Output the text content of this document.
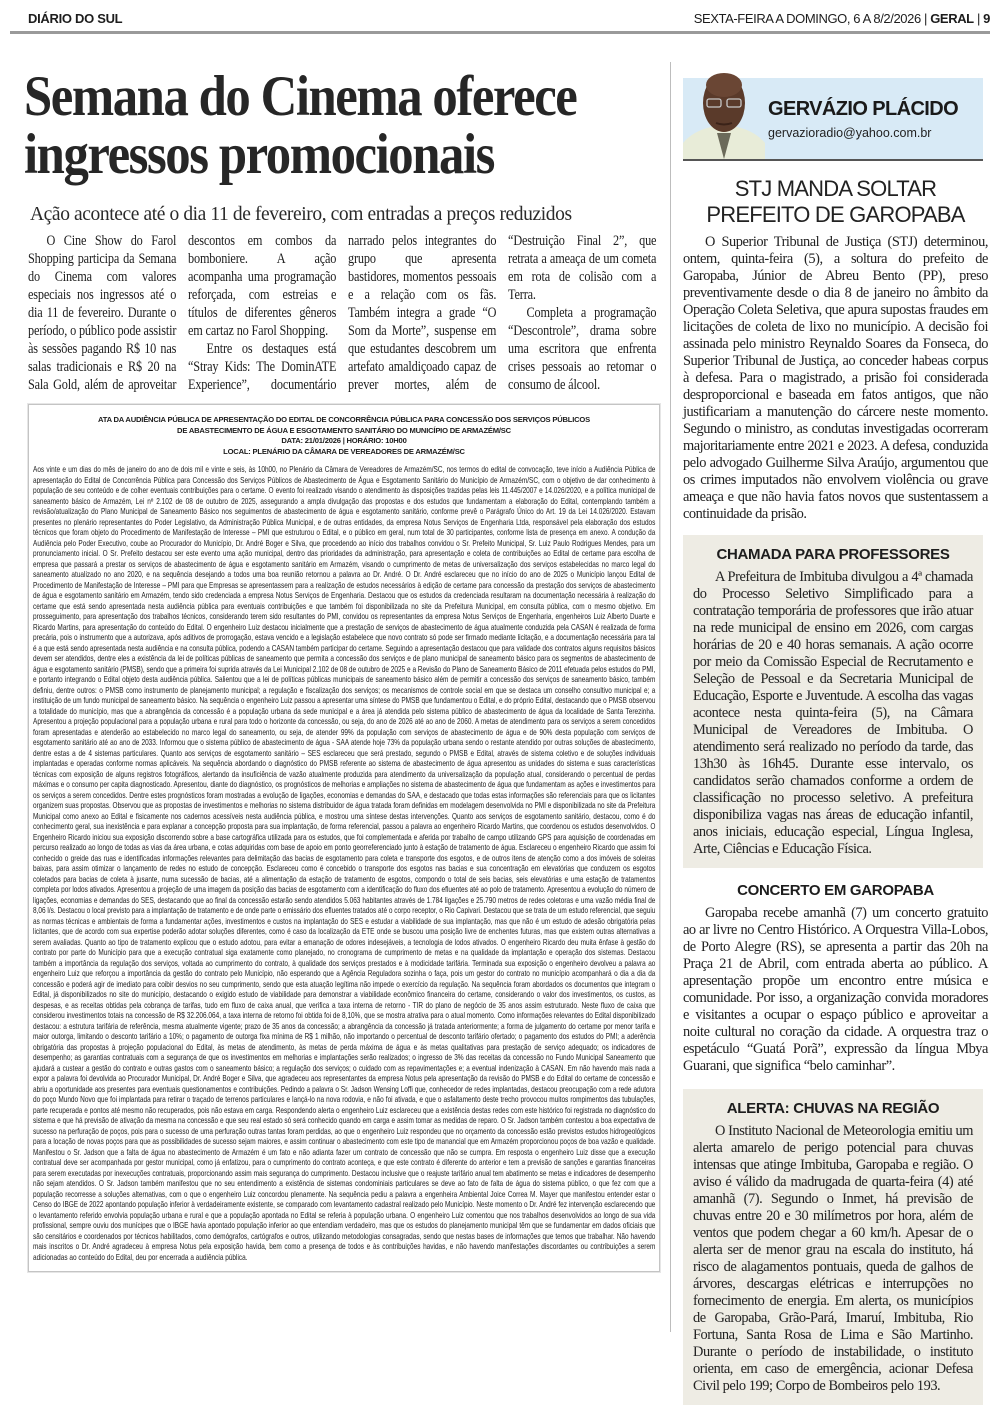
DIÁRIO DO SUL	SEXTA-FEIRA A DOMINGO, 6 A 8/2/2026 | GERAL | 9
Semana do Cinema oferece ingressos promocionais

Ação acontece até o dia 11 de fevereiro, com entradas a preços reduzidos

O Cine Show do Farol Shopping participa da Semana do Cinema com valores especiais nos ingressos até o dia 11 de fevereiro. Durante o período, o público pode assistir às sessões pagando R$ 10 nas salas tradicionais e R$ 20 na Sala Gold, além de aproveitar descontos em combos da bomboniere. A ação acompanha uma programação reforçada, com estreias e títulos de diferentes gêneros em cartaz no Farol Shopping.

Entre os destaques está “Stray Kids: The DominATE Experience”, documentário narrado pelos integrantes do grupo que apresenta bastidores, momentos pessoais e a relação com os fãs. Também integra a grade “O Som da Morte”, suspense em que estudantes descobrem um artefato amaldiçoado capaz de prever mortes, além de “Destruição Final 2”, que retrata a ameaça de um cometa em rota de colisão com a Terra.

Completa a programação “Descontrole”, drama sobre uma escritora que enfrenta crises pessoais ao retomar o consumo de álcool.

ATA DA AUDIÊNCIA PÚBLICA DE APRESENTAÇÃO DO EDITAL DE CONCORRÊNCIA PÚBLICA PARA CONCESSÃO DOS SERVIÇOS PÚBLICOS
DE ABASTECIMENTO DE ÁGUA E ESGOTAMENTO SANITÁRIO DO MUNICÍPIO DE ARMAZÉM/SC
DATA: 21/01/2026 | HORÁRIO: 10H00
LOCAL: PLENÁRIO DA CÂMARA DE VEREADORES DE ARMAZÉM/SC
Aos vinte e um dias do mês de janeiro do ano de dois mil e vinte e seis, às 10h00, no Plenário da Câmara de Vereadores de Armazém/SC, nos termos do edital de convocação, teve início a Audiência Pública de apresentação do Edital de Concorrência Pública para Concessão dos Serviços Públicos de Abastecimento de Água e Esgotamento Sanitário do Município de Armazém/SC, com o objetivo de dar conhecimento à população de seu conteúdo e de colher eventuais contribuições para o certame. O evento foi realizado visando o atendimento às disposições trazidas pelas leis 11.445/2007 e 14.026/2020, e a política municipal de saneamento básico de Armazém, Lei nº 2.102 de 08 de outubro de 2025, assegurando a ampla divulgação das propostas e dos estudos que fundamentam a elaboração do Edital, contemplando também a revisão/atualização do Plano Municipal de Saneamento Básico nos seguimentos de abastecimento de água e esgotamento sanitário, conforme prevê o Parágrafo Único do Art. 19 da Lei 14.026/2020. Estavam presentes no plenário representantes do Poder Legislativo, da Administração Pública Municipal, e de outras entidades, da empresa Notus Serviços de Engenharia Ltda, responsável pela elaboração dos estudos técnicos que foram objeto do Procedimento de Manifestação de Interesse – PMI que estruturou o Edital, e o público em geral, num total de 30 participantes, conforme lista de presença em anexo. A condução da Audiência pelo Poder Executivo, coube ao Procurador do Município, Dr. André Boger e Silva, que procedendo ao início dos trabalhos convidou o Sr. Prefeito Municipal, Sr. Luiz Paulo Rodrigues Mendes, para um pronunciamento inicial. O Sr. Prefeito destacou ser este evento uma ação municipal, dentro das prioridades da administração, para apresentação e coleta de contribuições ao Edital de certame para escolha de empresa que passará a prestar os serviços de abastecimento de água e esgotamento sanitário em Armazém, visando o cumprimento de metas de universalização dos serviços estabelecidas no marco legal do saneamento atualizado no ano 2020, e na sequência desejando a todos uma boa reunião retornou a palavra ao Dr. André. O Dr. André esclareceu que no início do ano de 2025 o Município lançou Edital de Procedimento de Manifestação de Interesse – PMI para que Empresas se apresentassem para a realização de estudos necessários à edição de certame para concessão da prestação dos serviços de abastecimento de água e esgotamento sanitário em Armazém, tendo sido credenciada a empresa Notus Serviços de Engenharia. Destacou que os estudos da credenciada resultaram na documentação necessária à realização do certame que está sendo apresentada nesta audiência pública para eventuais contribuições e que também foi disponibilizada no site da Prefeitura Municipal, em consulta pública, com o mesmo objetivo. Em prosseguimento, para apresentação dos trabalhos técnicos, considerando terem sido resultantes do PMI, convidou os representantes da empresa Notus Serviços de Engenharia, engenheiros Luiz Alberto Duarte e Ricardo Martins, para apresentação do conteúdo do Edital. O engenheiro Luiz destacou inicialmente que a prestação de serviços de abastecimento de água atualmente conduzida pela CASAN é realizada de forma precária, pois o instrumento que a autorizava, após aditivos de prorrogação, estava vencido e a legislação estabelece que novo contrato só pode ser firmado mediante licitação, e a documentação necessária para tal é a que está sendo apresentada nesta audiência e na consulta pública, podendo a CASAN também participar do certame. Seguindo a apresentação destacou que para validade dos contratos alguns requisitos básicos devem ser atendidos, dentre eles a existência da lei de políticas públicas de saneamento que permita a concessão dos serviços e de plano municipal de saneamento básico para os segmentos de abastecimento de água e esgotamento sanitário (PMSB), sendo que a primeira foi suprida através da Lei Municipal 2.102 de 08 de outubro de 2025 e a Revisão do Plano de Saneamento Básico de 2011 efetuada pelos estudos do PMI, e portanto integrando o Edital objeto desta audiência pública. Salientou que a lei de políticas públicas municipais de saneamento básico além de permitir a concessão dos serviços de saneamento básico, também definiu, dentre outros: o PMSB como instrumento de planejamento municipal; a regulação e fiscalização dos serviços; os mecanismos de controle social em que se destaca um conselho consultivo municipal e; a instituição de um fundo municipal de saneamento básico. Na sequência o engenheiro Luiz passou a apresentar uma síntese do PMSB que fundamentou o Edital, e do próprio Edital, destacando que o PMSB observou a totalidade do município, mas que a abrangência da concessão é a população urbana da sede municipal e a área já atendida pelo sistema público de abastecimento de água da localidade de Santa Terezinha. Apresentou a projeção populacional para a população urbana e rural para todo o horizonte da concessão, ou seja, do ano de 2026 até ao ano de 2060. A metas de atendimento para os serviços a serem concedidos foram apresentadas e atenderão ao estabelecido no marco legal do saneamento, ou seja, de atender 99% da população com serviços de abastecimento de água e de 90% desta população com serviços de esgotamento sanitário até ao ano de 2033. Informou que o sistema público de abastecimento de água - SAA atende hoje 73% da população urbana sendo o restante atendido por outras soluções de abastecimento, dentre estas a de 4 sistemas particulares. Quanto aos serviços de esgotamento sanitário – SES esclareceu que será prestado, segundo o PMSB e Edital, através de sistema coletivo e de soluções individuais implantadas e operadas conforme normas aplicáveis. Na sequência abordando o diagnóstico do PMSB referente ao sistema de abastecimento de água apresentou as unidades do sistema e suas características técnicas com exposição de alguns registros fotográficos, alertando da insuficiência de vazão atualmente produzida para atendimento da universalização da população atual, considerando o percentual de perdas máximas e o consumo per capita diagnosticado. Apresentou, diante do diagnóstico, os prognósticos de melhorias e ampliações no sistema de abastecimento de água que fundamentam as ações e investimentos para os serviços a serem concedidos. Dentre estes prognósticos foram mostradas a evolução de ligações, economias e demandas do SAA, e destacado que todas estas informações são referenciais para que os licitantes organizem suas propostas. Observou que as propostas de investimentos e melhorias no sistema distribuidor de água tratada foram definidas em modelagem desenvolvida no PMI e disponibilizada no site da Prefeitura Municipal como anexo ao Edital e fisicamente nos cadernos acessíveis nesta audiência pública, e mostrou uma síntese destas intervenções. Quanto aos serviços de esgotamento sanitário, destacou, como é do conhecimento geral, sua inexistência e para explanar a concepção proposta para sua implantação, de forma referencial, passou a palavra ao engenheiro Ricardo Martins, que coordenou os estudos desenvolvidos. O Engenheiro Ricardo iniciou sua exposição discorrendo sobre a base cartográfica utilizada para os estudos, que foi complementada e aferida por trabalho de campo utilizando GPS para aquisição de coordenadas em percurso realizado ao longo de todas as vias da área urbana, e cotas adquiridas com base de apoio em ponto georreferenciado junto à estação de tratamento de água. Esclareceu o engenheiro Ricardo que assim foi conhecido o greide das ruas e identificadas informações relevantes para delimitação das bacias de esgotamento para coleta e transporte dos esgotos, e de outros itens de atenção como a dos imóveis de soleiras baixas, para assim otimizar o lançamento de redes no estudo de concepção. Esclareceu como é concebido o transporte dos esgotos nas bacias e sua concentração em elevatórias que conduzem os esgotos coletados para bacias de coleta à jusante, numa sucessão de bacias, até a alimentação da estação de tratamento de esgotos, compondo o total de seis bacias, seis elevatórias e uma estação de tratamentos completa por lodos ativados. Apresentou a projeção de uma imagem da posição das bacias de esgotamento com a identificação do fluxo dos efluentes até ao polo de tratamento. Apresentou a evolução do número de ligações, economias e demandas do SES, destacando que ao final da concessão estarão sendo atendidos 5.063 habitantes através de 1.784 ligações e 25.790 metros de redes coletoras e uma vazão média final de 8,06 l/s. Destacou o local previsto para a implantação de tratamento e de onde parte o emissário dos efluentes tratados até o corpo receptor, o Rio Capivari. Destacou que se trata de um estudo referencial, que seguiu as normas técnicas e ambientais de forma a fundamentar ações, investimentos e custos na implantação do SES e estudar a viabilidade de sua implantação, mas que não é um estudo de adesão obrigatória pelas licitantes, que de acordo com sua expertise poderão adotar soluções diferentes, como é caso da localização da ETE onde se buscou uma posição livre de enchentes futuras, mas que existem outras alternativas a serem avaliadas. Quanto ao tipo de tratamento explicou que o estudo adotou, para evitar a emanação de odores indesejáveis, a tecnologia de lodos ativados. O engenheiro Ricardo deu muita ênfase à gestão do contrato por parte do Município para que a execução contratual siga exatamente como planejado, no cronograma de cumprimento de metas e na qualidade da implantação e operação dos sistemas. Destacou também a importância da regulação dos serviços, voltada ao cumprimento do contrato, à qualidade dos serviços prestados e à modicidade tarifária. Terminada sua exposição o engenheiro devolveu a palavra ao engenheiro Luiz que reforçou a importância da gestão do contrato pelo Município, não esperando que a Agência Reguladora sozinha o faça, pois um gestor do contrato no município acompanhará o dia a dia da concessão e poderá agir de imediato para coibir desvios no seu cumprimento, sendo que esta atuação legítima não impede o exercício da regulação. Na sequência foram abordados os documentos que integram o Edital, já disponibilizados no site do município, destacando o exigido estudo de viabilidade para demonstrar a viabilidade econômico financeira do certame, considerando o valor dos investimentos, os custos, as despesas, e as receitas obtidas pela cobrança de tarifas, tudo em fluxo de caixa anual, que verifica a taxa interna de retorno - TIR do plano de negócio de 35 anos assim estruturado. Neste fluxo de caixa que considerou investimentos totais na concessão de R$ 32.206.064, a taxa interna de retorno foi obtida foi de 8,10%, que se mostra atrativa para o atual momento. Como informações relevantes do Edital disponibilizado destacou: a estrutura tarifária de referência, mesma atualmente vigente; prazo de 35 anos da concessão; a abrangência da concessão já tratada anteriormente; a forma de julgamento do certame por menor tarifa e maior outorga, limitando o desconto tarifário a 10%; o pagamento de outorga fixa mínima de R$ 1 milhão, não importando o percentual de desconto tarifário ofertado; o pagamento dos estudos do PMI; a aderência obrigatória das propostas à projeção populacional do Edital, às metas de atendimento, às metas de perda máxima de água e às metas qualitativas para prestação de serviço adequado; os indicadores de desempenho; as garantias contratuais com a segurança de que os investimentos em melhorias e implantações serão realizados; o ingresso de 3% das receitas da concessão no Fundo Municipal Saneamento que ajudará a custear a gestão do contrato e outras gastos com o saneamento básico; a regulação dos serviços; o cuidado com as repavimentações e; a eventual indenização à CASAN. Em não havendo mais nada a expor a palavra foi devolvida ao Procurador Municipal, Dr. André Boger e Silva, que agradeceu aos representantes da empresa Notus pela apresentação da revisão do PMSB e do Edital do certame de concessão e abriu a oportunidade aos presentes para eventuais questionamentos e contribuições. Pedindo a palavra o Sr. Jadson Wensing Loffi que, conhecedor de redes implantadas, destacou preocupação com a rede adutora do poço Mundo Novo que foi implantada para retirar o traçado de terrenos particulares e lançá-lo na nova rodovia, e não foi ativada, e que o asfaltamento deste trecho provocou muitos rompimentos das tubulações, parte recuperada e pontos até mesmo não recuperados, pois não estava em carga. Respondendo alerta o engenheiro Luiz esclareceu que a existência destas redes com este histórico foi registrada no diagnóstico do sistema e que há previsão de ativação da mesma na concessão e que seu real estado só será conhecido quando em carga e assim tomar as medidas de reparo. O Sr. Jadson também contestou a boa expectativa de sucesso na perfuração de poços, pois para o sucesso de uma perfuração outras tantas foram perdidas, ao que o engenheiro Luiz respondeu que no orçamento da concessão estão previstos estudos hidrogeológicos para a locação de novas poços para que as possibilidades de sucesso sejam maiores, e assim continuar o abastecimento com este tipo de manancial que em Armazém proporcionou poços de boa vazão e qualidade. Manifestou o Sr. Jadson que a falta de água no abastecimento de Armazém é um fato e não adianta fazer um contrato de concessão que não se cumpra. Em resposta o engenheiro Luiz disse que a execução contratual deve ser acompanhada por gestor municipal, como já enfatizou, para o cumprimento do contrato aconteça, e que este contrato é diferente do anterior e tem a previsão de sanções e garantias financeiras para serem executadas por inexecuções contratuais, proporcionando assim mais segurança do cumprimento. Destacou inclusive que o reajuste tarifário anual tem abatimento se metas e indicadores de desempenho não sejam atendidos. O Sr. Jadson também manifestou que no seu entendimento a existência de sistemas condominiais particulares se deve ao fato de falta de água do sistema público, o que fez com que a população recorresse a soluções alternativas, com o que o engenheiro Luiz concordou plenamente. Na sequência pediu a palavra a engenheira Ambiental Joice Correa M. Mayer que manifestou entender estar o Censo do IBGE de 2022 apontando população inferior à verdadeiramente existente, se comparado com levantamento cadastral realizado pelo Município. Neste momento o Dr. André fez intervenção esclarecendo que o levantamento referido envolvia população urbana e rural e que a população apontada no Edital se referia à população urbana. O engenheiro Luiz comentou que nos trabalhos desenvolvidos ao longo de sua vida profissional, sempre ouviu dos munícipes que o IBGE havia apontado população inferior ao que entendiam verdadeiro, mas que os estudos do planejamento municipal têm que se fundamentar em dados oficiais que são censitários e coordenados por técnicos habilitados, como demógrafos, cartógrafos e outros, utilizando metodologias consagradas, sendo que nestas bases de informações que temos que trabalhar. Não havendo mais inscritos o Dr. André agradeceu à empresa Notus pela exposição havida, bem como a presença de todos e às contribuições havidas, e não havendo manifestações discordantes ou contribuições a serem adicionadas ao conteúdo do Edital, deu por encerrada a audiência pública.
GERVÁZIO PLÁCIDO
gervazioradio@yahoo.com.br
STJ MANDA SOLTAR
PREFEITO DE GAROPABA

O Superior Tribunal de Justiça (STJ) determinou, ontem, quinta-feira (5), a soltura do prefeito de Garopaba, Júnior de Abreu Bento (PP), preso preventivamente desde o dia 8 de janeiro no âmbito da Operação Coleta Seletiva, que apura supostas fraudes em licitações de coleta de lixo no município. A decisão foi assinada pelo ministro Reynaldo Soares da Fonseca, do Superior Tribunal de Justiça, ao conceder habeas corpus à defesa. Para o magistrado, a prisão foi considerada desproporcional e baseada em fatos antigos, que não justificariam a manutenção do cárcere neste momento. Segundo o ministro, as condutas investigadas ocorreram majoritariamente entre 2021 e 2023. A defesa, conduzida pelo advogado Guilherme Silva Araújo, argumentou que os crimes imputados não envolvem violência ou grave ameaça e que não havia fatos novos que sustentassem a continuidade da prisão.

CHAMADA PARA PROFESSORES

A Prefeitura de Imbituba divulgou a 4ª chamada do Processo Seletivo Simplificado para a contratação temporária de professores que irão atuar na rede municipal de ensino em 2026, com cargas horárias de 20 e 40 horas semanais. A ação ocorre por meio da Comissão Especial de Recrutamento e Seleção de Pessoal e da Secretaria Municipal de Educação, Esporte e Juventude. A escolha das vagas acontece nesta quinta-feira (5), na Câmara Municipal de Vereadores de Imbituba. O atendimento será realizado no período da tarde, das 13h30 às 16h45. Durante esse intervalo, os candidatos serão chamados conforme a ordem de classificação no processo seletivo. A prefeitura disponibiliza vagas nas áreas de educação infantil, anos iniciais, educação especial, Língua Inglesa, Arte, Ciências e Educação Física.

CONCERTO EM GAROPABA

Garopaba recebe amanhã (7) um concerto gratuito ao ar livre no Centro Histórico. A Orquestra Villa-Lobos, de Porto Alegre (RS), se apresenta a partir das 20h na Praça 21 de Abril, com entrada aberta ao público. A apresentação propõe um encontro entre música e comunidade. Por isso, a organização convida moradores e visitantes a ocupar o espaço público e aproveitar a noite cultural no coração da cidade. A orquestra traz o espetáculo “Guatá Porã”, expressão da língua Mbya Guarani, que significa “belo caminhar”.

ALERTA: CHUVAS NA REGIÃO

O Instituto Nacional de Meteorologia emitiu um alerta amarelo de perigo potencial para chuvas intensas que atinge Imbituba, Garopaba e região. O aviso é válido da madrugada de quarta-feira (4) até amanhã (7). Segundo o Inmet, há previsão de chuvas entre 20 e 30 milímetros por hora, além de ventos que podem chegar a 60 km/h. Apesar de o alerta ser de menor grau na escala do instituto, há risco de alagamentos pontuais, queda de galhos de árvores, descargas elétricas e interrupções no fornecimento de energia. Em alerta, os municípios de Garopaba, Grão-Pará, Imaruí, Imbituba, Rio Fortuna, Santa Rosa de Lima e São Martinho. Durante o período de instabilidade, o instituto orienta, em caso de emergência, acionar Defesa Civil pelo 199; Corpo de Bombeiros pelo 193.
